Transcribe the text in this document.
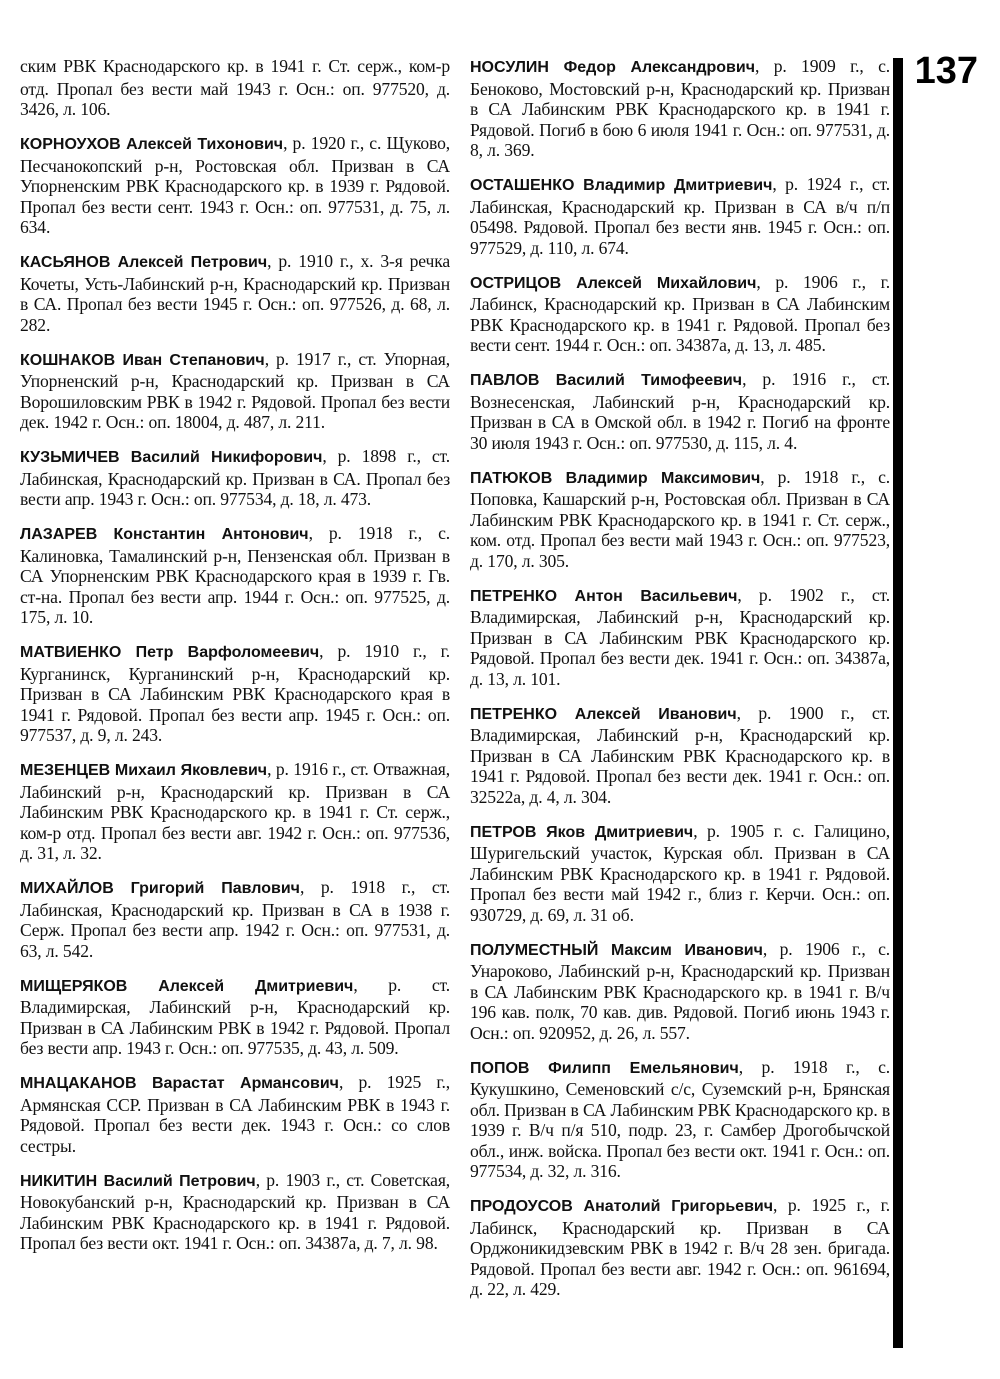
137

ским РВК Краснодарского кр. в 1941 г. Ст. серж., ком-р отд. Пропал без вести май 1943 г. Осн.: оп. 977520, д. 3426, л. 106.

КОРНОУХОВ Алексей Тихонович, р. 1920 г., с. Щуково, Песчанокопский р-н, Ростовская обл. Призван в СА Упорненским РВК Краснодарского кр. в 1939 г. Рядовой. Пропал без вести сент. 1943 г. Осн.: оп. 977531, д. 75, л. 634.

КАСЬЯНОВ Алексей Петрович, р. 1910 г., х. 3-я речка Кочеты, Усть-Лабинский р-н, Краснодарский кр. Призван в СА. Пропал без вести 1945 г. Осн.: оп. 977526, д. 68, л. 282.

КОШНАКОВ Иван Степанович, р. 1917 г., ст. Упорная, Упорненский р-н, Краснодарский кр. Призван в СА Ворошиловским РВК в 1942 г. Рядовой. Пропал без вести дек. 1942 г. Осн.: оп. 18004, д. 487, л. 211.

КУЗЬМИЧЕВ Василий Никифорович, р. 1898 г., ст. Лабинская, Краснодарский кр. Призван в СА. Пропал без вести апр. 1943 г. Осн.: оп. 977534, д. 18, л. 473.

ЛАЗАРЕВ Константин Антонович, р. 1918 г., с. Калиновка, Тамалинский р-н, Пензенская обл. Призван в СА Упорненским РВК Краснодарского края в 1939 г. Гв. ст-на. Пропал без вести апр. 1944 г. Осн.: оп. 977525, д. 175, л. 10.

МАТВИЕНКО Петр Варфоломеевич, р. 1910 г., г. Курганинск, Курганинский р-н, Краснодарский кр. Призван в СА Лабинским РВК Краснодарского края в 1941 г. Рядовой. Пропал без вести апр. 1945 г. Осн.: оп. 977537, д. 9, л. 243.

МЕЗЕНЦЕВ Михаил Яковлевич, р. 1916 г., ст. Отважная, Лабинский р-н, Краснодарский кр. Призван в СА Лабинским РВК Краснодарского кр. в 1941 г. Ст. серж., ком-р отд. Пропал без вести авг. 1942 г. Осн.: оп. 977536, д. 31, л. 32.

МИХАЙЛОВ Григорий Павлович, р. 1918 г., ст. Лабинская, Краснодарский кр. Призван в СА в 1938 г. Серж. Пропал без вести апр. 1942 г. Осн.: оп. 977531, д. 63, л. 542.

МИЩЕРЯКОВ Алексей Дмитриевич, р. ст. Владимирская, Лабинский р-н, Краснодарский кр. Призван в СА Лабинским РВК в 1942 г. Рядовой. Пропал без вести апр. 1943 г. Осн.: оп. 977535, д. 43, л. 509.

МНАЦАКАНОВ Варастат Армансович, р. 1925 г., Армянская ССР. Призван в СА Лабинским РВК в 1943 г. Рядовой. Пропал без вести дек. 1943 г. Осн.: со слов сестры.

НИКИТИН Василий Петрович, р. 1903 г., ст. Советская, Новокубанский р-н, Краснодарский кр. Призван в СА Лабинским РВК Краснодарского кр. в 1941 г. Рядовой. Пропал без вести окт. 1941 г. Осн.: оп. 34387а, д. 7, л. 98.

НОСУЛИН Федор Александрович, р. 1909 г., с. Беноково, Мостовский р-н, Краснодарский кр. Призван в СА Лабинским РВК Краснодарского кр. в 1941 г. Рядовой. Погиб в бою 6 июля 1941 г. Осн.: оп. 977531, д. 8, л. 369.

ОСТАШЕНКО Владимир Дмитриевич, р. 1924 г., ст. Лабинская, Краснодарский кр. Призван в СА в/ч п/п 05498. Рядовой. Пропал без вести янв. 1945 г. Осн.: оп. 977529, д. 110, л. 674.

ОСТРИЦОВ Алексей Михайлович, р. 1906 г., г. Лабинск, Краснодарский кр. Призван в СА Лабинским РВК Краснодарского кр. в 1941 г. Рядовой. Пропал без вести сент. 1944 г. Осн.: оп. 34387а, д. 13, л. 485.

ПАВЛОВ Василий Тимофеевич, р. 1916 г., ст. Вознесенская, Лабинский р-н, Краснодарский кр. Призван в СА в Омской обл. в 1942 г. Погиб на фронте 30 июля 1943 г. Осн.: оп. 977530, д. 115, л. 4.

ПАТЮКОВ Владимир Максимович, р. 1918 г., с. Поповка, Кашарский р-н, Ростовская обл. Призван в СА Лабинским РВК Краснодарского кр. в 1941 г. Ст. серж., ком. отд. Пропал без вести май 1943 г. Осн.: оп. 977523, д. 170, л. 305.

ПЕТРЕНКО Антон Васильевич, р. 1902 г., ст. Владимирская, Лабинский р-н, Краснодарский кр. Призван в СА Лабинским РВК Краснодарского кр. Рядовой. Пропал без вести дек. 1941 г. Осн.: оп. 34387а, д. 13, л. 101.

ПЕТРЕНКО Алексей Иванович, р. 1900 г., ст. Владимирская, Лабинский р-н, Краснодарский кр. Призван в СА Лабинским РВК Краснодарского кр. в 1941 г. Рядовой. Пропал без вести дек. 1941 г. Осн.: оп. 32522а, д. 4, л. 304.

ПЕТРОВ Яков Дмитриевич, р. 1905 г. с. Галицино, Шуригельский участок, Курская обл. Призван в СА Лабинским РВК Краснодарского кр. в 1941 г. Рядовой. Пропал без вести май 1942 г., близ г. Керчи. Осн.: оп. 930729, д. 69, л. 31 об.

ПОЛУМЕСТНЫЙ Максим Иванович, р. 1906 г., с. Унароково, Лабинский р-н, Краснодарский кр. Призван в СА Лабинским РВК Краснодарского кр. в 1941 г. В/ч 196 кав. полк, 70 кав. див. Рядовой. Погиб июнь 1943 г. Осн.: оп. 920952, д. 26, л. 557.

ПОПОВ Филипп Емельянович, р. 1918 г., с. Кукушкино, Семеновский с/с, Суземский р-н, Брянская обл. Призван в СА Лабинским РВК Краснодарского кр. в 1939 г. В/ч п/я 510, подр. 23, г. Самбер Дрогобычской обл., инж. войска. Пропал без вести окт. 1941 г. Осн.: оп. 977534, д. 32, л. 316.

ПРОДОУСОВ Анатолий Григорьевич, р. 1925 г., г. Лабинск, Краснодарский кр. Призван в СА Орджоникидзевским РВК в 1942 г. В/ч 28 зен. бригада. Рядовой. Пропал без вести авг. 1942 г. Осн.: оп. 961694, д. 22, л. 429.
